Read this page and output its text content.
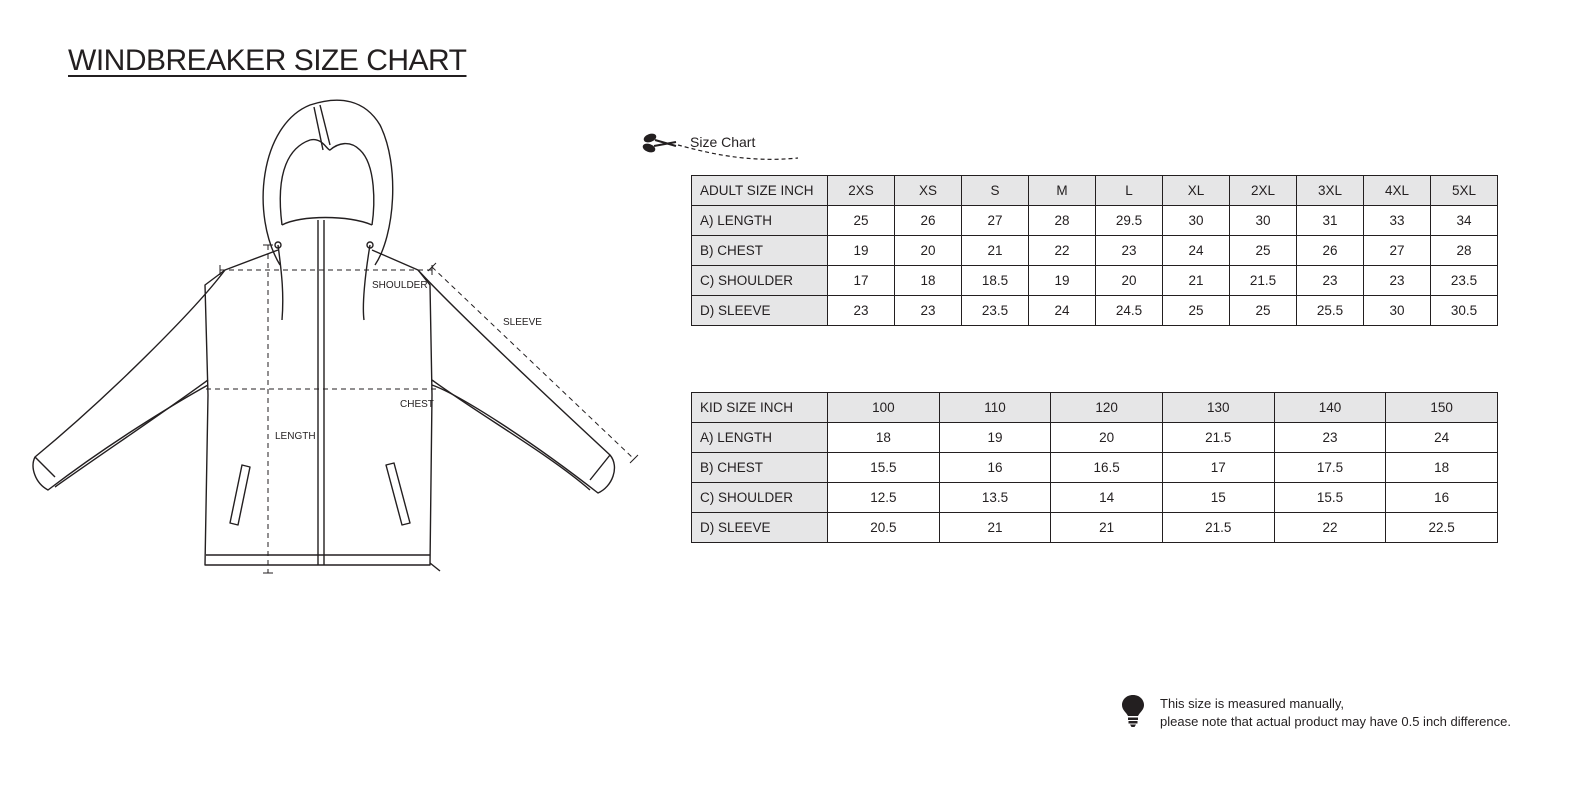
WINDBREAKER SIZE CHART
SHOULDER
SLEEVE
CHEST
LENGTH
Size Chart
ADULT SIZE INCH	2XS	XS	S	M	L	XL	2XL	3XL	4XL	5XL
A) LENGTH	25	26	27	28	29.5	30	30	31	33	34
B) CHEST	19	20	21	22	23	24	25	26	27	28
C) SHOULDER	17	18	18.5	19	20	21	21.5	23	23	23.5
D) SLEEVE	23	23	23.5	24	24.5	25	25	25.5	30	30.5
KID SIZE INCH	100	110	120	130	140	150
A) LENGTH	18	19	20	21.5	23	24
B) CHEST	15.5	16	16.5	17	17.5	18
C) SHOULDER	12.5	13.5	14	15	15.5	16
D) SLEEVE	20.5	21	21	21.5	22	22.5
This size is measured manually,
please note that actual product may have 0.5 inch difference.
